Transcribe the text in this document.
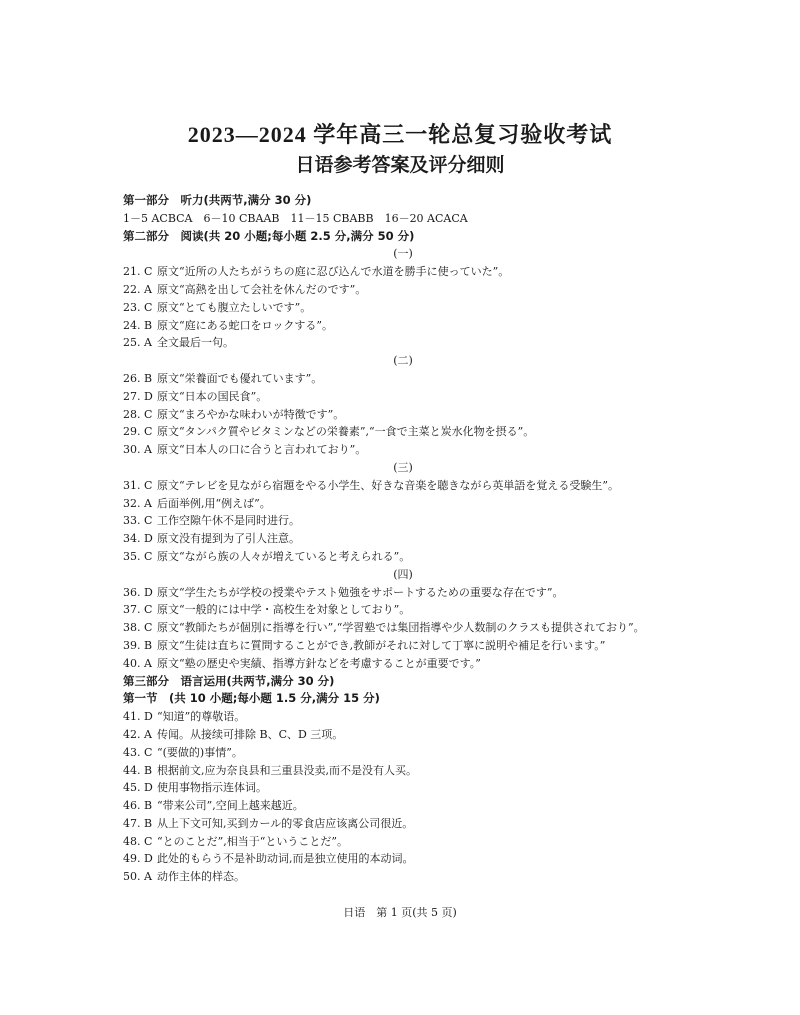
2023—2024 学年高三一轮总复习验收考试
日语参考答案及评分细则
第一部分　听力(共两节,满分 30 分)
1－5 ACBCA　6－10 CBAAB　11－15 CBABB　16－20 ACACA
第二部分　阅读(共 20 小题;每小题 2.5 分,满分 50 分)
(一)
21. C 原文“近所の人たちがうちの庭に忍び込んで水道を勝手に使っていた”。
22. A 原文“高熱を出して会社を休んだのです”。
23. C 原文“とても腹立たしいです”。
24. B 原文“庭にある蛇口をロックする”。
25. A 全文最后一句。
(二)
26. B 原文“栄養面でも優れています”。
27. D 原文“日本の国民食”。
28. C 原文“まろやかな味わいが特徴です”。
29. C 原文“タンパク質やビタミンなどの栄養素”,“一食で主菜と炭水化物を摂る”。
30. A 原文“日本人の口に合うと言われており”。
(三)
31. C 原文“テレビを見ながら宿題をやる小学生、好きな音楽を聴きながら英単語を覚える受験生”。
32. A 后面举例,用“例えば”。
33. C 工作空隙午休不是同时进行。
34. D 原文没有提到为了引人注意。
35. C 原文“ながら族の人々が増えていると考えられる”。
(四)
36. D 原文“学生たちが学校の授業やテスト勉強をサポートするための重要な存在です”。
37. C 原文“一般的には中学・高校生を対象としており”。
38. C 原文“教師たちが個別に指導を行い”,“学習塾では集団指導や少人数制のクラスも提供されており”。
39. B 原文“生徒は直ちに質問することができ,教師がそれに対して丁寧に説明や補足を行います。”
40. A 原文“塾の歴史や実績、指導方針などを考慮することが重要です。”
第三部分　语言运用(共两节,满分 30 分)
第一节　(共 10 小题;每小题 1.5 分,满分 15 分)
41. D “知道”的尊敬语。
42. A 传闻。从接续可排除 B、C、D 三项。
43. C “(要做的)事情”。
44. B 根据前文,应为奈良县和三重县没卖,而不是没有人买。
45. D 使用事物指示连体词。
46. B “带来公司”,空间上越来越近。
47. B 从上下文可知,买到カール的零食店应该离公司很近。
48. C “とのことだ”,相当于“ということだ”。
49. D 此处的もらう不是补助动词,而是独立使用的本动词。
50. A 动作主体的样态。
日语　第 1 页(共 5 页)
